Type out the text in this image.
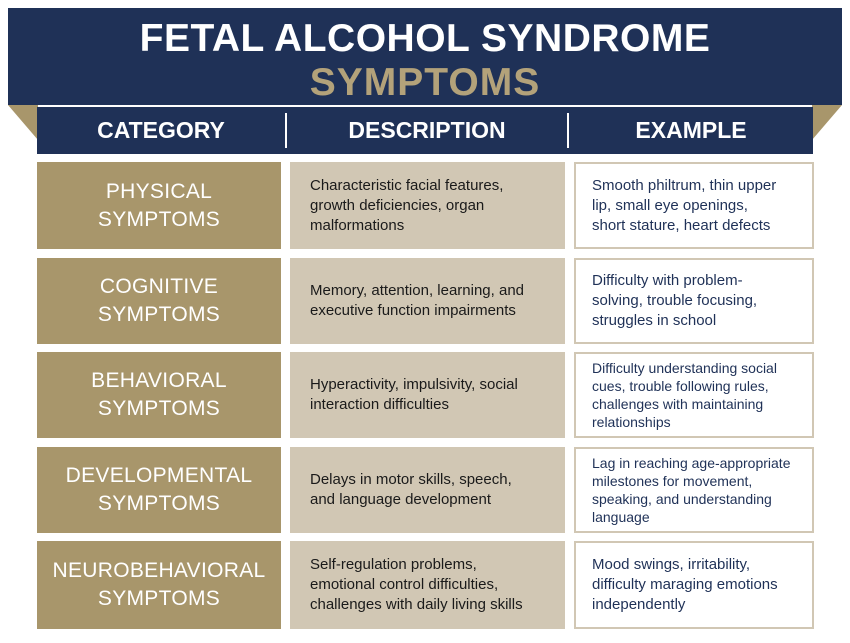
FETAL ALCOHOL SYNDROME
SYMPTOMS
CATEGORY	DESCRIPTION	EXAMPLE
PHYSICAL
SYMPTOMS
Characteristic facial features,
growth deficiencies, organ
malformations
Smooth philtrum, thin upper
lip, small eye openings,
short stature, heart defects
COGNITIVE
SYMPTOMS
Memory, attention, learning, and
executive function impairments
Difficulty with problem-
solving, trouble focusing,
struggles in school
BEHAVIORAL
SYMPTOMS
Hyperactivity, impulsivity, social
interaction difficulties
Difficulty understanding social
cues, trouble following rules,
challenges with maintaining
relationships
DEVELOPMENTAL
SYMPTOMS
Delays in motor skills, speech,
and language development
Lag in reaching age-appropriate
milestones for movement,
speaking, and understanding
language
NEUROBEHAVIORAL
SYMPTOMS
Self-regulation problems,
emotional control difficulties,
challenges with daily living skills
Mood swings, irritability,
difficulty maraging emotions
independently
